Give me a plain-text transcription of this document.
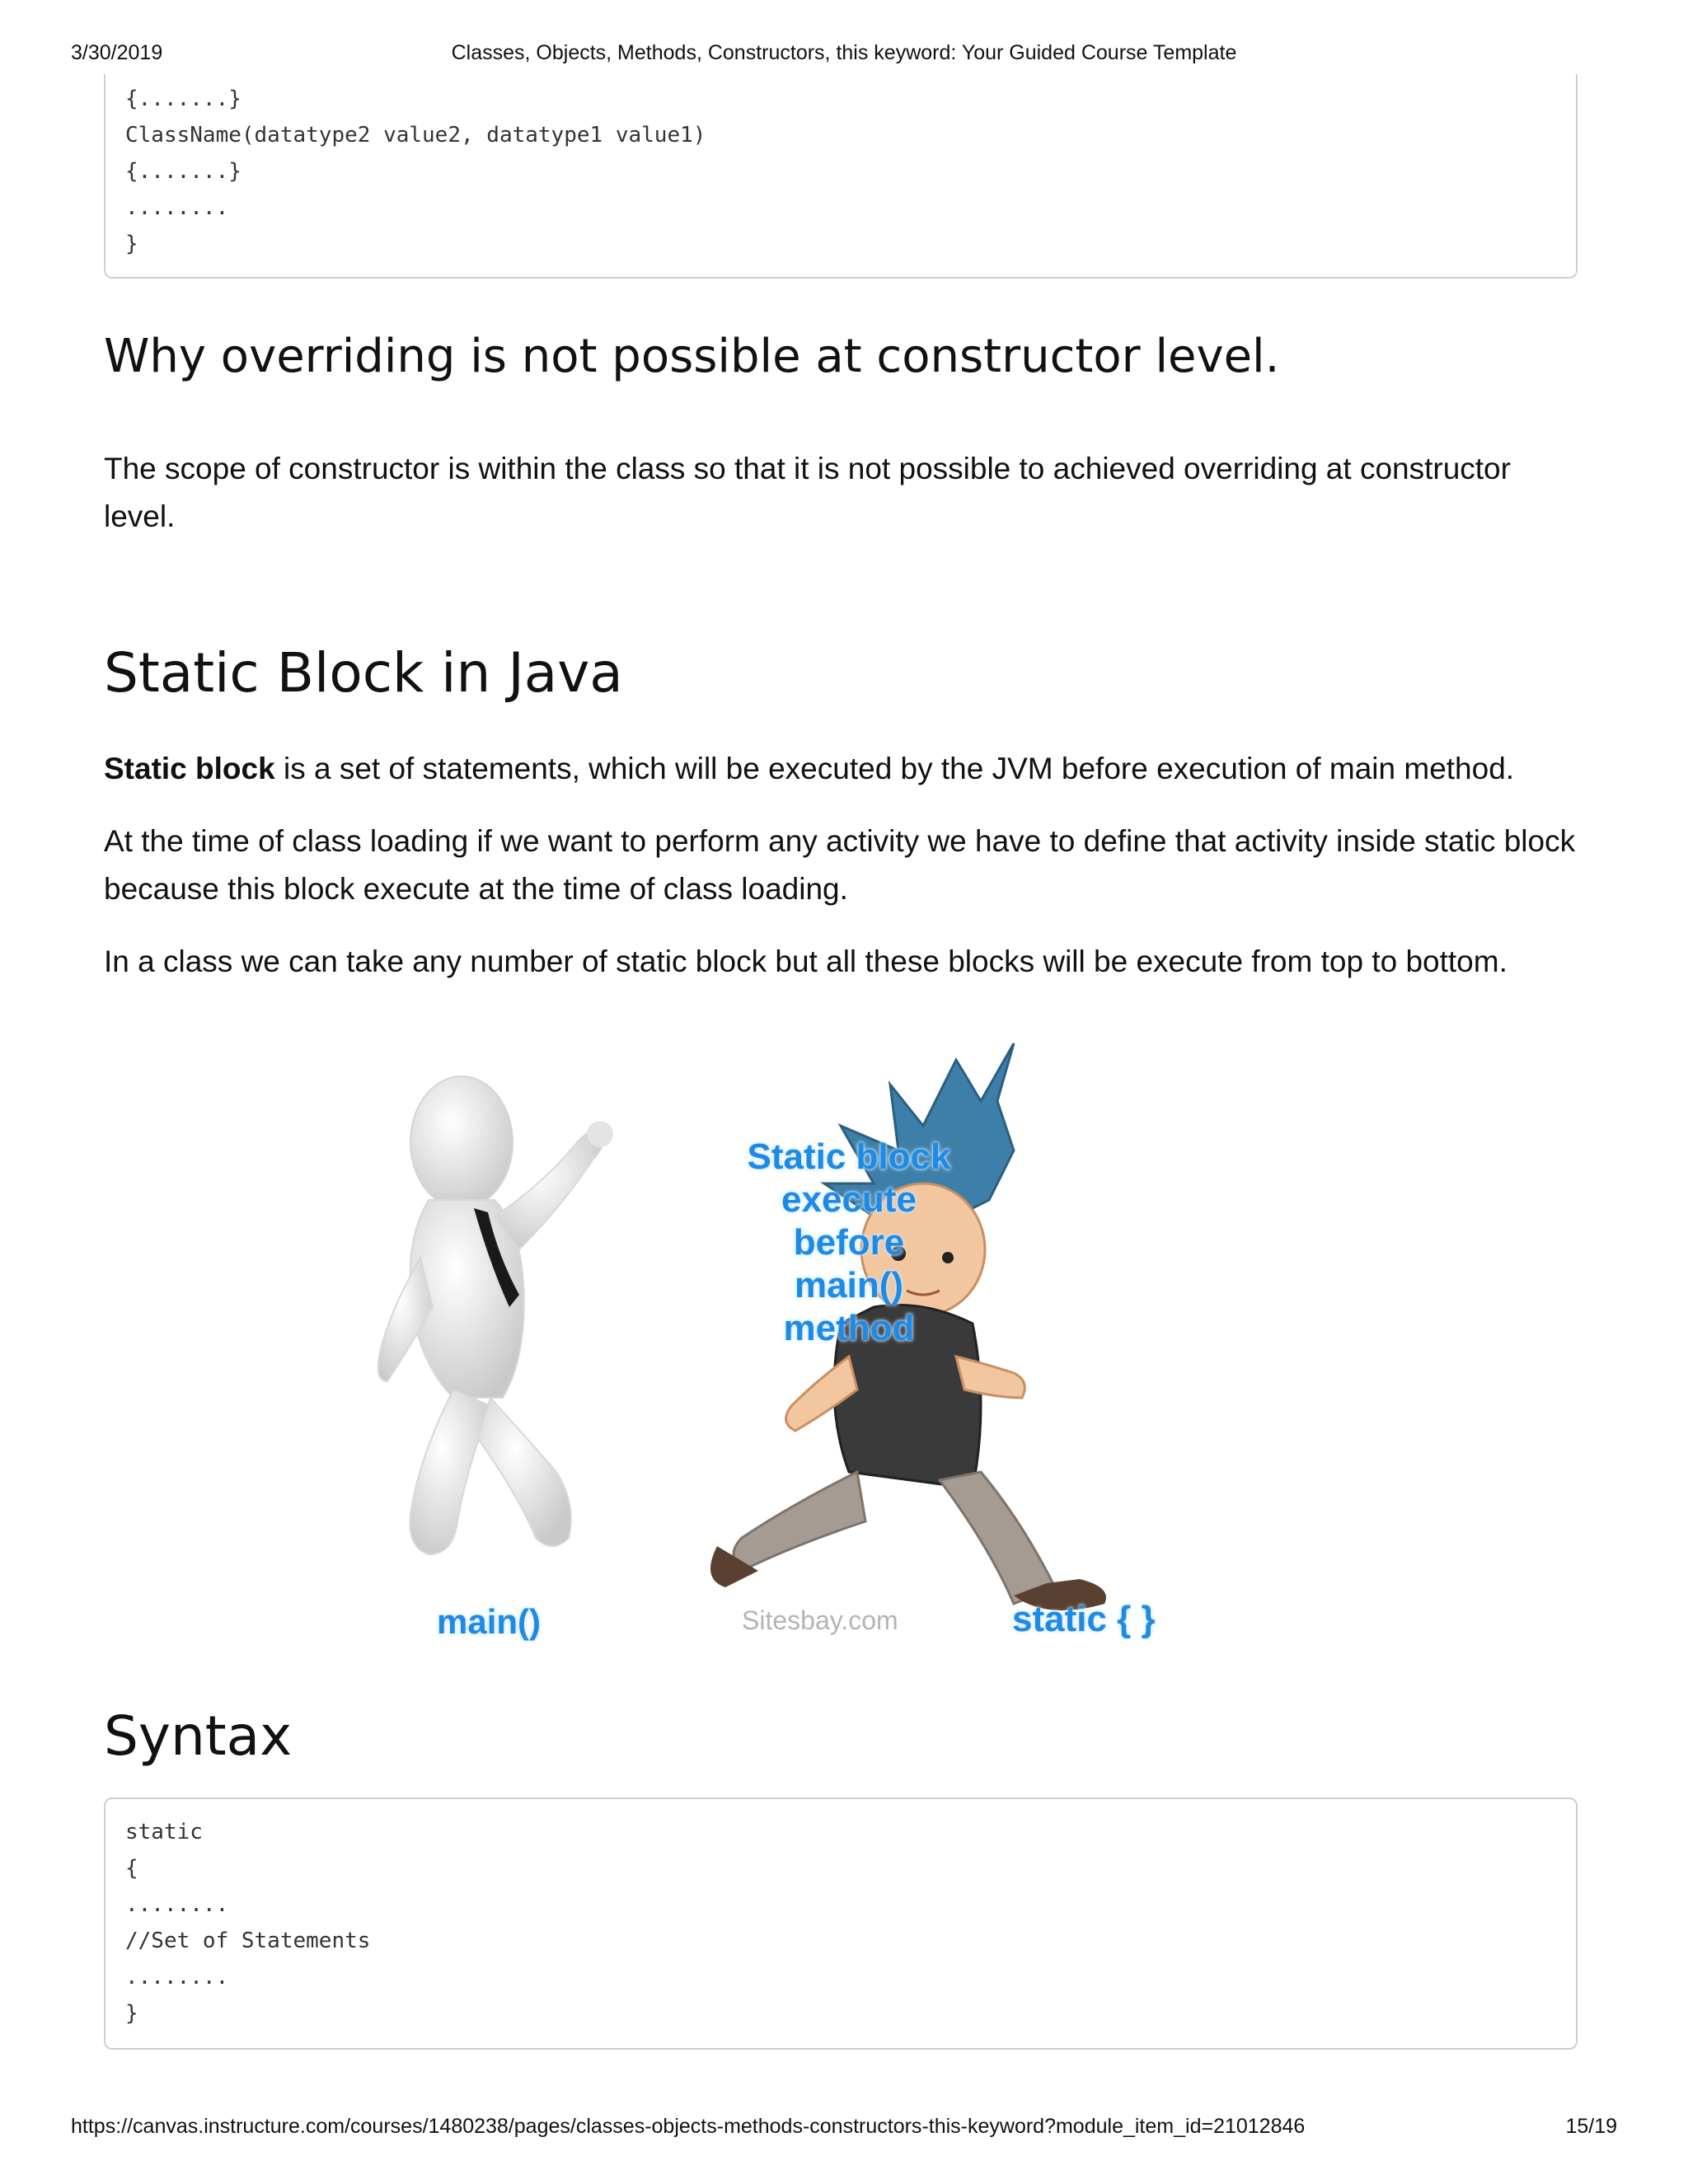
3/30/2019	Classes, Objects, Methods, Constructors, this keyword: Your Guided Course Template
{.......}
ClassName(datatype2 value2, datatype1 value1)
{.......}
........
}
Why overriding is not possible at constructor level.

The scope of constructor is within the class so that it is not possible to achieved overriding at constructor level.

Static Block in Java

Static block is a set of statements, which will be executed by the JVM before execution of main method.

At the time of class loading if we want to perform any activity we have to define that activity inside static block because this block execute at the time of class loading.

In a class we can take any number of static block but all these blocks will be execute from top to bottom.

Static block
execute before
main() method
main()	Sitesbay.com	static { }
Syntax
static
{
........
//Set of Statements
........
}
https://canvas.instructure.com/courses/1480238/pages/classes-objects-methods-constructors-this-keyword?module_item_id=21012846	15/19
